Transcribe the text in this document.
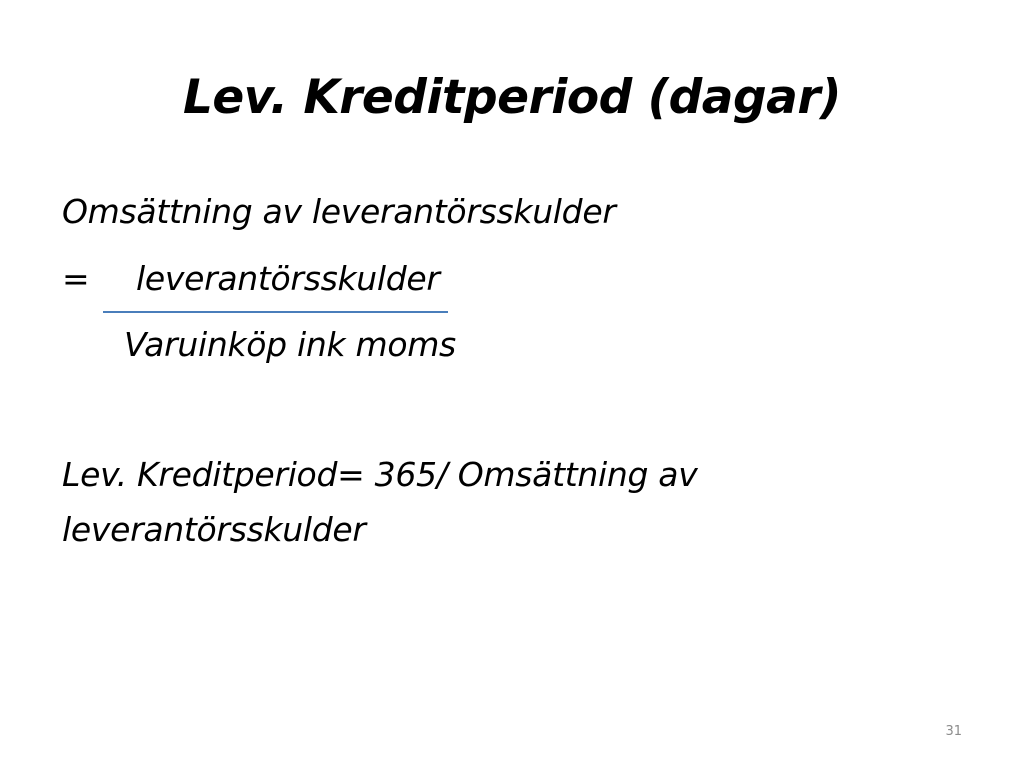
Lev. Kreditperiod (dagar)
Omsättning av leverantörsskulder
= leverantörsskulder
Varuinköp ink moms
Lev. Kreditperiod= 365/ Omsättning av
leverantörsskulder
31
